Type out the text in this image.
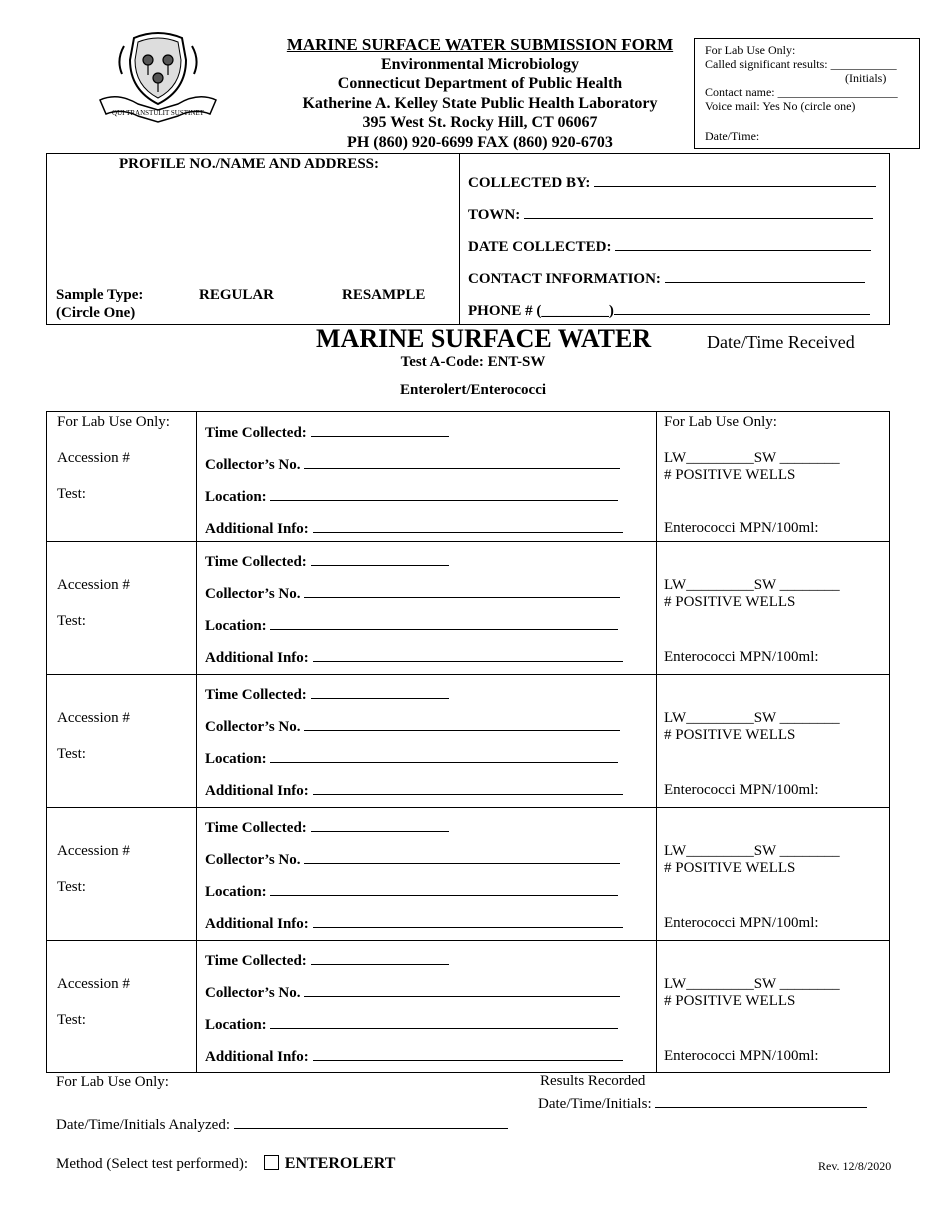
QUI TRANSTULIT SUSTINET
MARINE SURFACE WATER SUBMISSION FORM
Environmental Microbiology
Connecticut Department of Public Health
Katherine A. Kelley State Public Health Laboratory
395 West St. Rocky Hill, CT 06067
PH (860) 920-6699 FAX (860) 920-6703
For Lab Use Only:
Called significant results: ___________
(Initials)
Contact name: ____________________
Voice mail: Yes No (circle one)
Date/Time:
PROFILE NO./NAME AND ADDRESS:
Sample Type:
(Circle One)
REGULAR	RESAMPLE
COLLECTED BY:
TOWN:
DATE COLLECTED:
CONTACT INFORMATION:
PHONE # (_________)
MARINE SURFACE WATER	Date/Time Received
Test A-Code: ENT-SW
Enterolert/Enterococci
For Lab Use Only:
Accession #
Test:
Time Collected:
Collector’s No.
Location:
Additional Info:
For Lab Use Only:
LW_________SW ________
# POSITIVE WELLS
Enterococci MPN/100ml:
Accession #
Test:
Time Collected:
Collector’s No.
Location:
Additional Info:
LW_________SW ________
# POSITIVE WELLS
Enterococci MPN/100ml:
Accession #
Test:
Time Collected:
Collector’s No.
Location:
Additional Info:
LW_________SW ________
# POSITIVE WELLS
Enterococci MPN/100ml:
Accession #
Test:
Time Collected:
Collector’s No.
Location:
Additional Info:
LW_________SW ________
# POSITIVE WELLS
Enterococci MPN/100ml:
Accession #
Test:
Time Collected:
Collector’s No.
Location:
Additional Info:
LW_________SW ________
# POSITIVE WELLS
Enterococci MPN/100ml:
For Lab Use Only:	Results Recorded
Date/Time/Initials:
Date/Time/Initials Analyzed:
Method (Select test performed): ENTEROLERT	Rev. 12/8/2020
